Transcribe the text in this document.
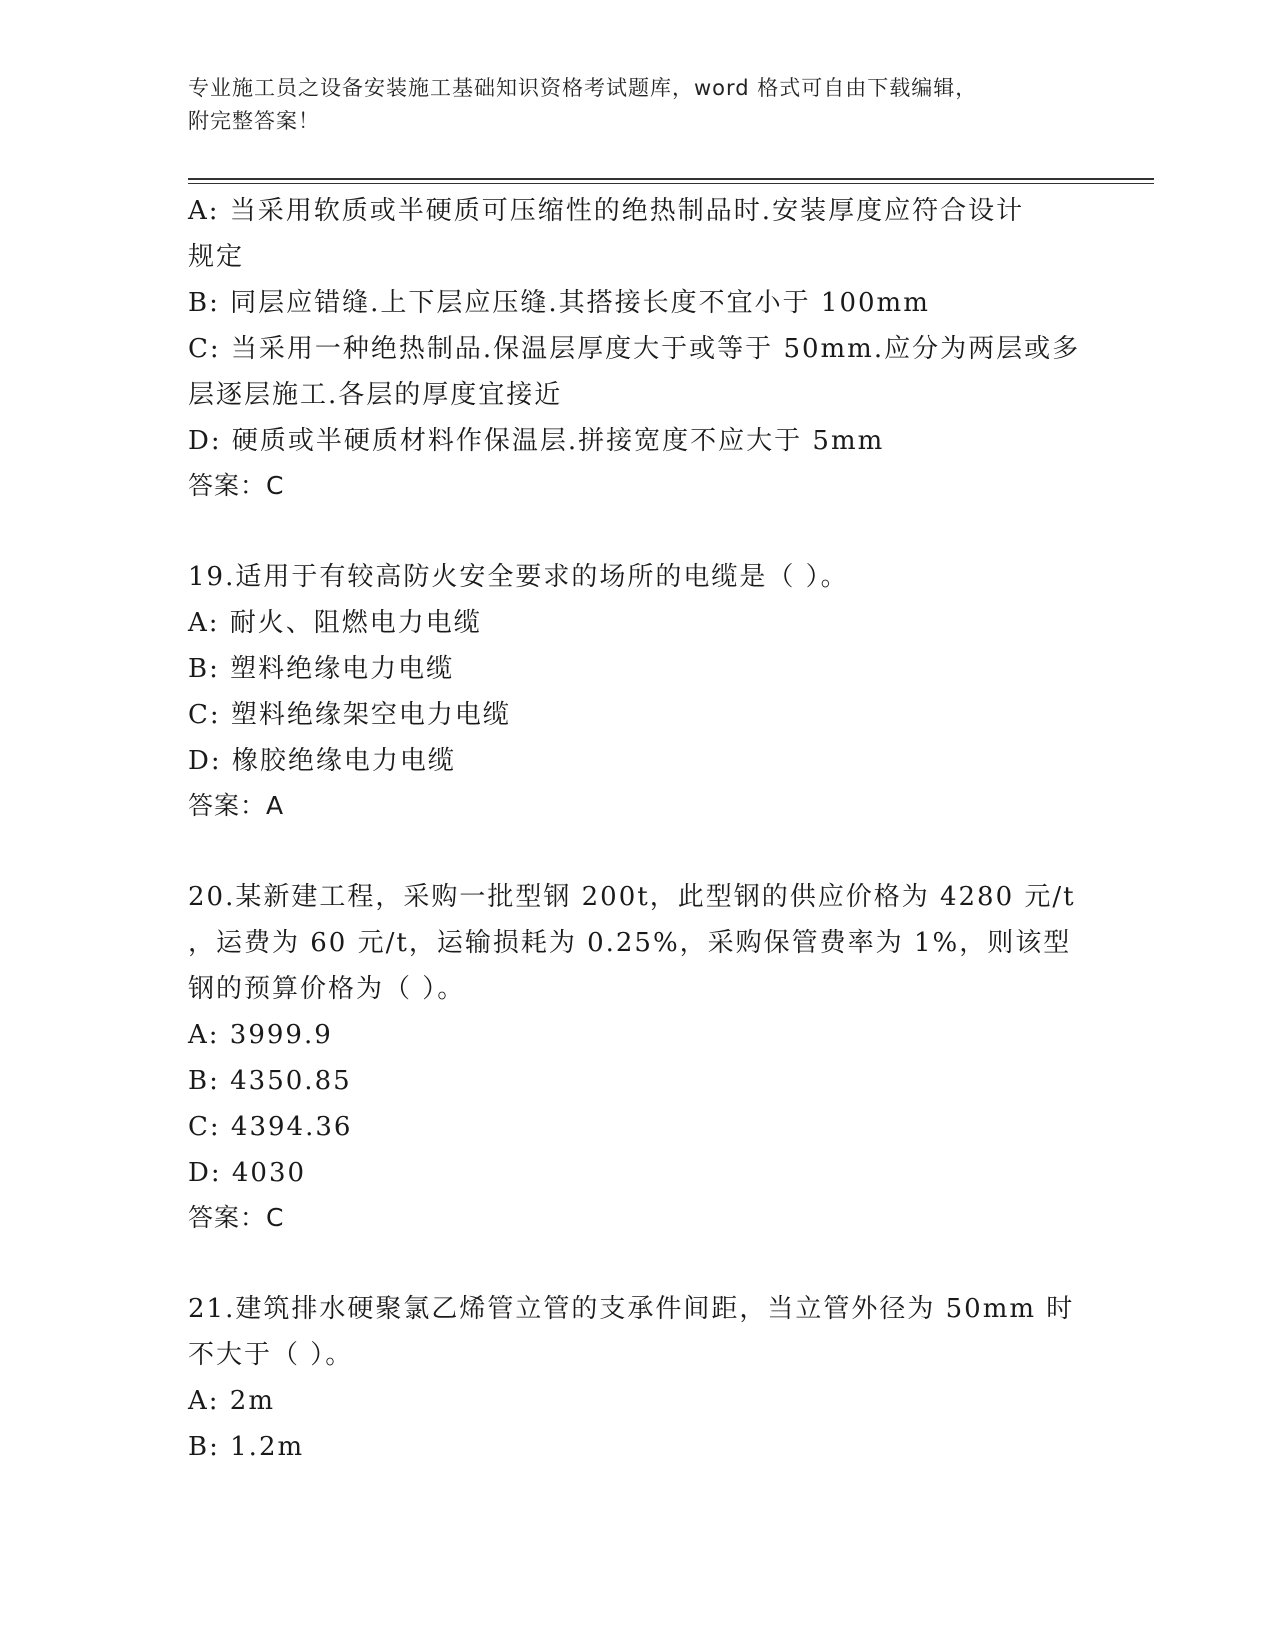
专业施工员之设备安装施工基础知识资格考试题库，word 格式可自由下载编辑，
附完整答案！

A: 当采用软质或半硬质可压缩性的绝热制品时.安装厚度应符合设计

规定

B: 同层应错缝.上下层应压缝.其搭接长度不宜小于 100mm

C: 当采用一种绝热制品.保温层厚度大于或等于 50mm.应分为两层或多

层逐层施工.各层的厚度宜接近

D: 硬质或半硬质材料作保温层.拼接宽度不应大于 5mm

答案：C

19.适用于有较高防火安全要求的场所的电缆是（ ）。

A: 耐火、阻燃电力电缆

B: 塑料绝缘电力电缆

C: 塑料绝缘架空电力电缆

D: 橡胶绝缘电力电缆

答案：A

20.某新建工程，采购一批型钢 200t，此型钢的供应价格为 4280 元/t

，运费为 60 元/t，运输损耗为 0.25%，采购保管费率为 1%，则该型

钢的预算价格为（ ）。

A: 3999.9

B: 4350.85

C: 4394.36

D: 4030

答案：C

21.建筑排水硬聚氯乙烯管立管的支承件间距，当立管外径为 50mm 时

不大于（ ）。

A: 2m

B: 1.2m
